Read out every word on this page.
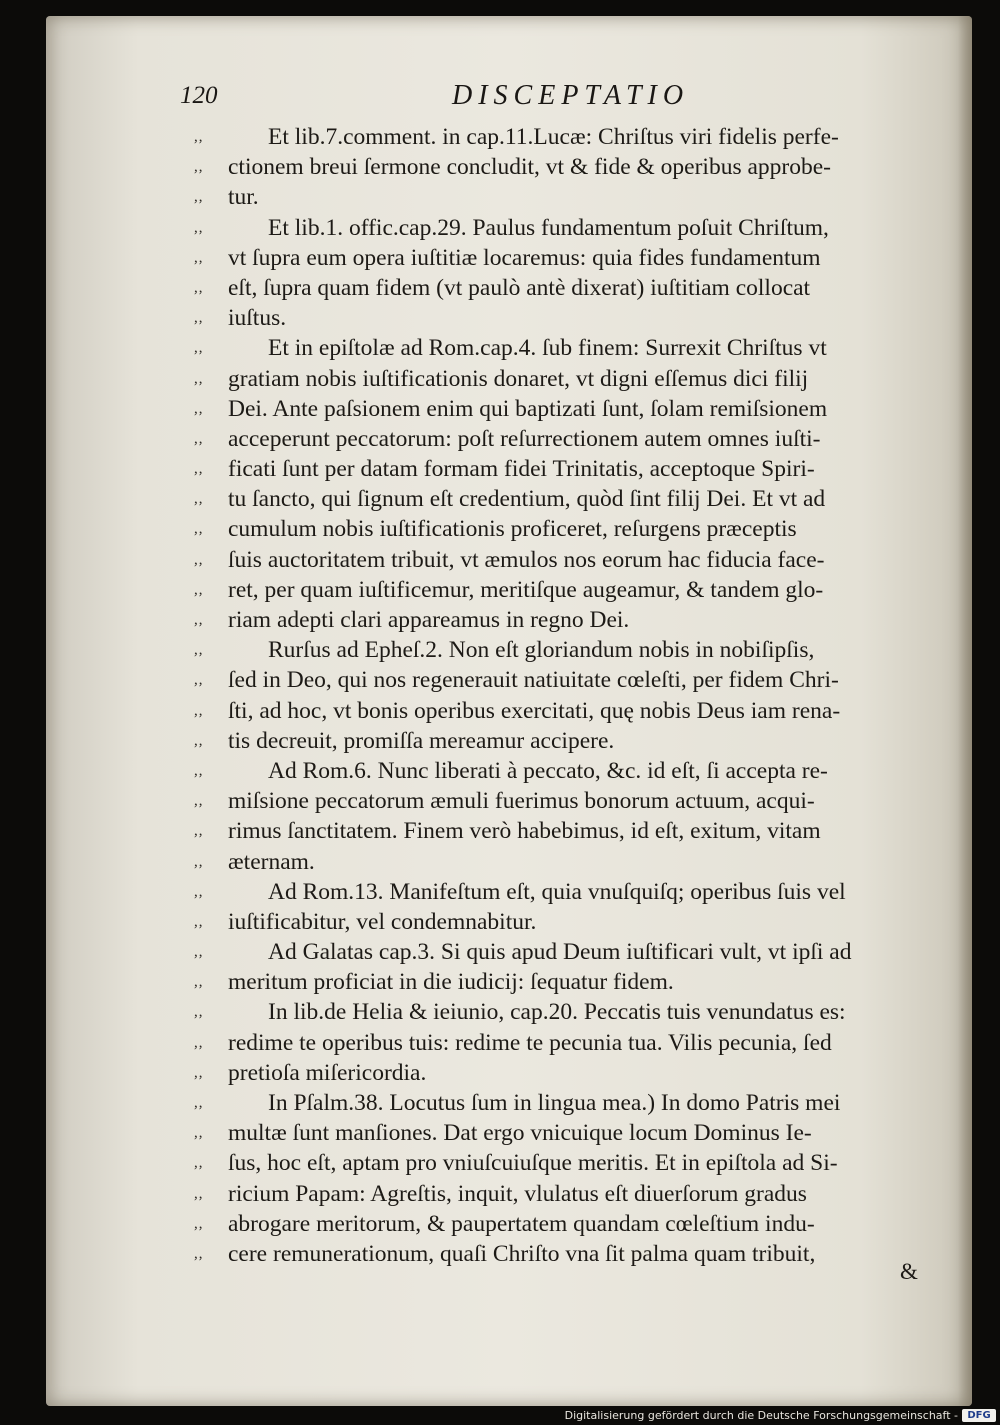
120	DISCEPTATIO
,,	Et lib.7.comment. in cap.11.Lucæ: Chriſtus viri fidelis perfe-
,,	ctionem breui ſermone concludit, vt & fide & operibus approbe-
,,	tur.
,,	Et lib.1. offic.cap.29. Paulus fundamentum poſuit Chriſtum,
,,	vt ſupra eum opera iuſtitiæ locaremus: quia fides fundamentum
,,	eſt, ſupra quam fidem (vt paulò antè dixerat) iuſtitiam collocat
,,	iuſtus.
,,	Et in epiſtolæ ad Rom.cap.4. ſub finem: Surrexit Chriſtus vt
,,	gratiam nobis iuſtificationis donaret, vt digni eſſemus dici filij
,,	Dei. Ante paſsionem enim qui baptizati ſunt, ſolam remiſsionem
,,	acceperunt peccatorum: poſt reſurrectionem autem omnes iuſti-
,,	ficati ſunt per datam formam fidei Trinitatis, acceptoque Spiri-
,,	tu ſancto, qui ſignum eſt credentium, quòd ſint filij Dei. Et vt ad
,,	cumulum nobis iuſtificationis proficeret, reſurgens præceptis
,,	ſuis auctoritatem tribuit, vt æmulos nos eorum hac fiducia face-
,,	ret, per quam iuſtificemur, meritiſque augeamur, & tandem glo-
,,	riam adepti clari appareamus in regno Dei.
,,	Rurſus ad Epheſ.2. Non eſt gloriandum nobis in nobiſipſis,
,,	ſed in Deo, qui nos regenerauit natiuitate cœleſti, per fidem Chri-
,,	ſti, ad hoc, vt bonis operibus exercitati, quę nobis Deus iam rena-
,,	tis decreuit, promiſſa mereamur accipere.
,,	Ad Rom.6. Nunc liberati à peccato, &c. id eſt, ſi accepta re-
,,	miſsione peccatorum æmuli fuerimus bonorum actuum, acqui-
,,	rimus ſanctitatem. Finem verò habebimus, id eſt, exitum, vitam
,,	æternam.
,,	Ad Rom.13. Manifeſtum eſt, quia vnuſquiſq; operibus ſuis vel
,,	iuſtificabitur, vel condemnabitur.
,,	Ad Galatas cap.3. Si quis apud Deum iuſtificari vult, vt ipſi ad
,,	meritum proficiat in die iudicij: ſequatur fidem.
,,	In lib.de Helia & ieiunio, cap.20. Peccatis tuis venundatus es:
,,	redime te operibus tuis: redime te pecunia tua. Vilis pecunia, ſed
,,	pretioſa miſericordia.
,,	In Pſalm.38. Locutus ſum in lingua mea.) In domo Patris mei
,,	multæ ſunt manſiones. Dat ergo vnicuique locum Dominus Ie-
,,	ſus, hoc eſt, aptam pro vniuſcuiuſque meritis. Et in epiſtola ad Si-
,,	ricium Papam: Agreſtis, inquit, vlulatus eſt diuerſorum gradus
,,	abrogare meritorum, & paupertatem quandam cœleſtium indu-
,,	cere remunerationum, quaſi Chriſto vna ſit palma quam tribuit,
&
Digitalisierung gefördert durch die Deutsche Forschungsgemeinschaft - DFG
